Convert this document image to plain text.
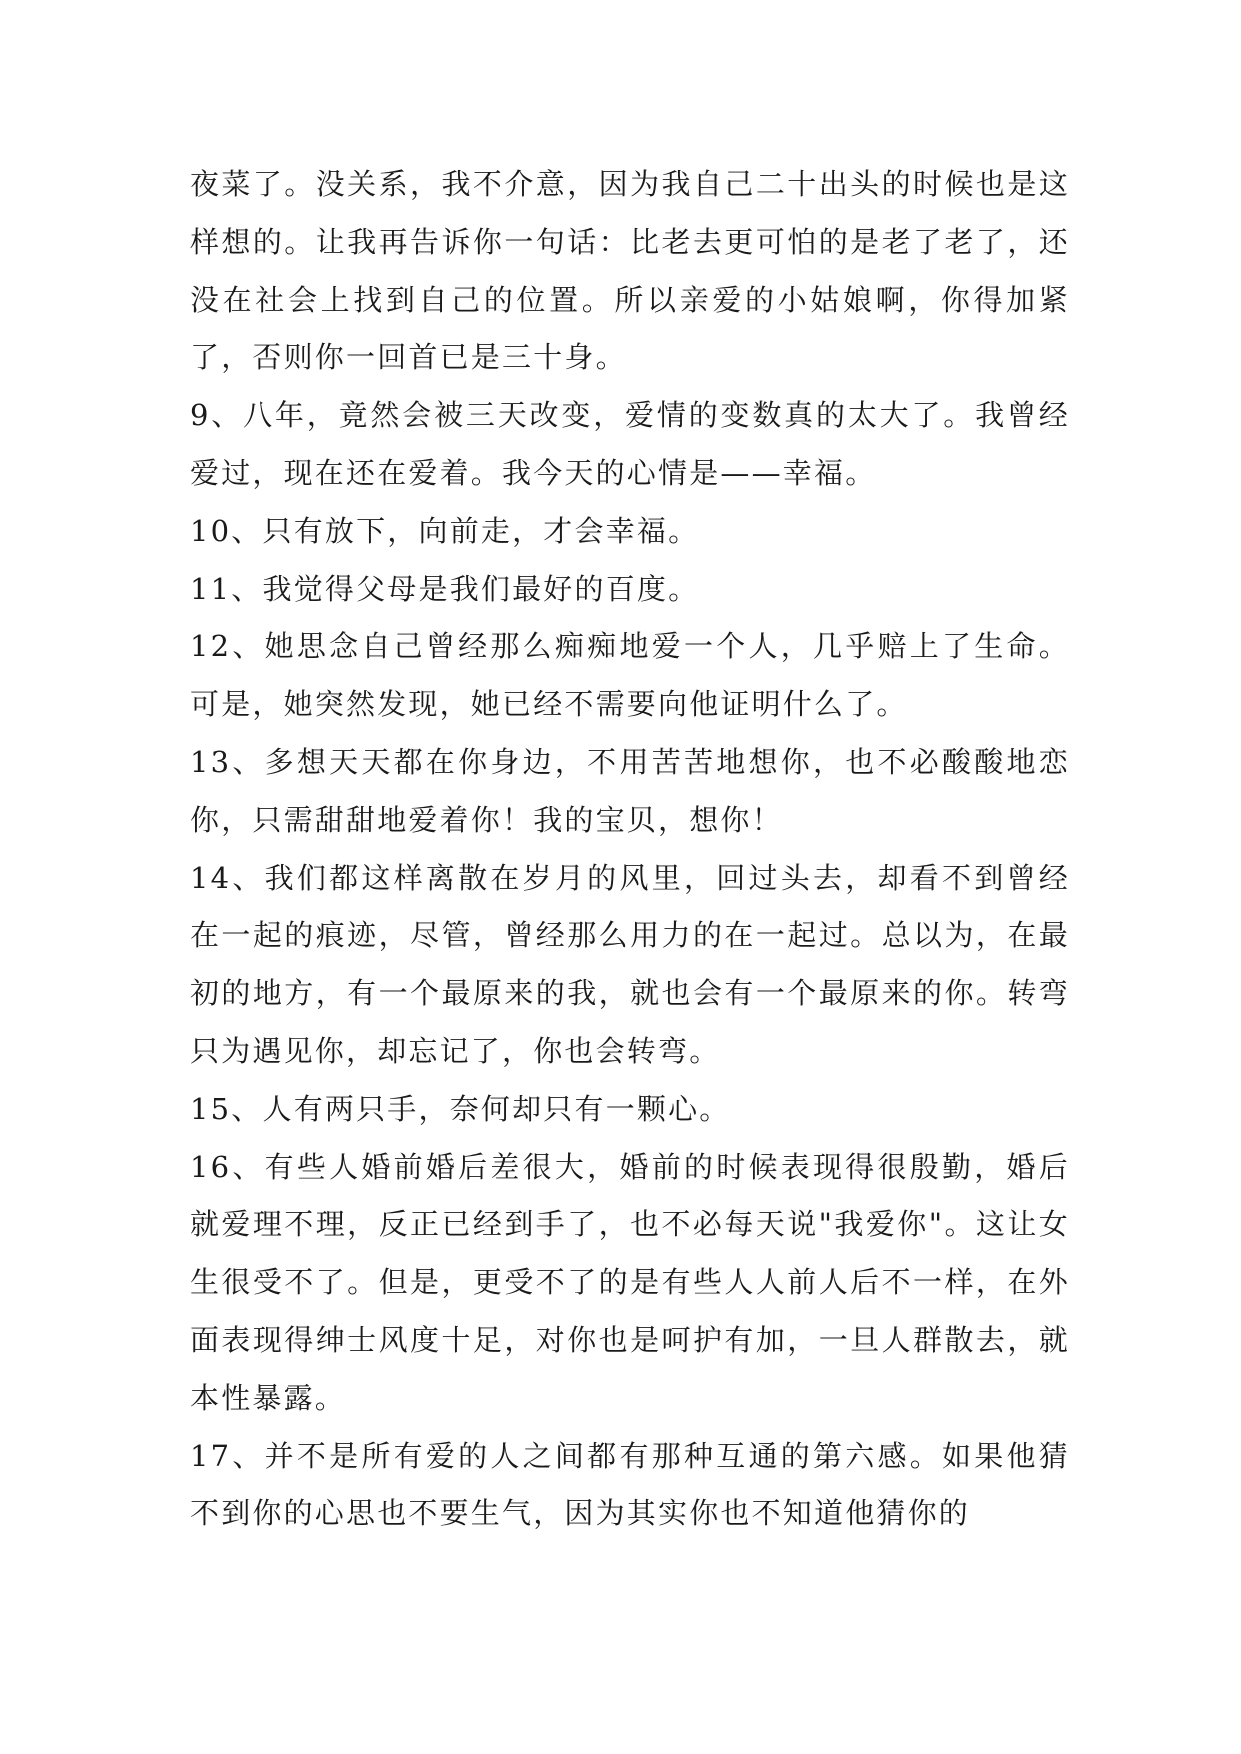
夜菜了。没关系，我不介意，因为我自己二十出头的时候也是这样想的。让我再告诉你一句话：比老去更可怕的是老了老了，还没在社会上找到自己的位置。所以亲爱的小姑娘啊，你得加紧了，否则你一回首已是三十身。

9、八年，竟然会被三天改变，爱情的变数真的太大了。我曾经爱过，现在还在爱着。我今天的心情是——幸福。

10、只有放下，向前走，才会幸福。

11、我觉得父母是我们最好的百度。

12、她思念自己曾经那么痴痴地爱一个人，几乎赔上了生命。可是，她突然发现，她已经不需要向他证明什么了。

13、多想天天都在你身边，不用苦苦地想你，也不必酸酸地恋你，只需甜甜地爱着你！我的宝贝，想你！

14、我们都这样离散在岁月的风里，回过头去，却看不到曾经在一起的痕迹，尽管，曾经那么用力的在一起过。总以为，在最初的地方，有一个最原来的我，就也会有一个最原来的你。转弯只为遇见你，却忘记了，你也会转弯。

15、人有两只手，奈何却只有一颗心。

16、有些人婚前婚后差很大，婚前的时候表现得很殷勤，婚后就爱理不理，反正已经到手了，也不必每天说"我爱你"。这让女生很受不了。但是，更受不了的是有些人人前人后不一样，在外面表现得绅士风度十足，对你也是呵护有加，一旦人群散去，就本性暴露。

17、并不是所有爱的人之间都有那种互通的第六感。如果他猜不到你的心思也不要生气，因为其实你也不知道他猜你的
